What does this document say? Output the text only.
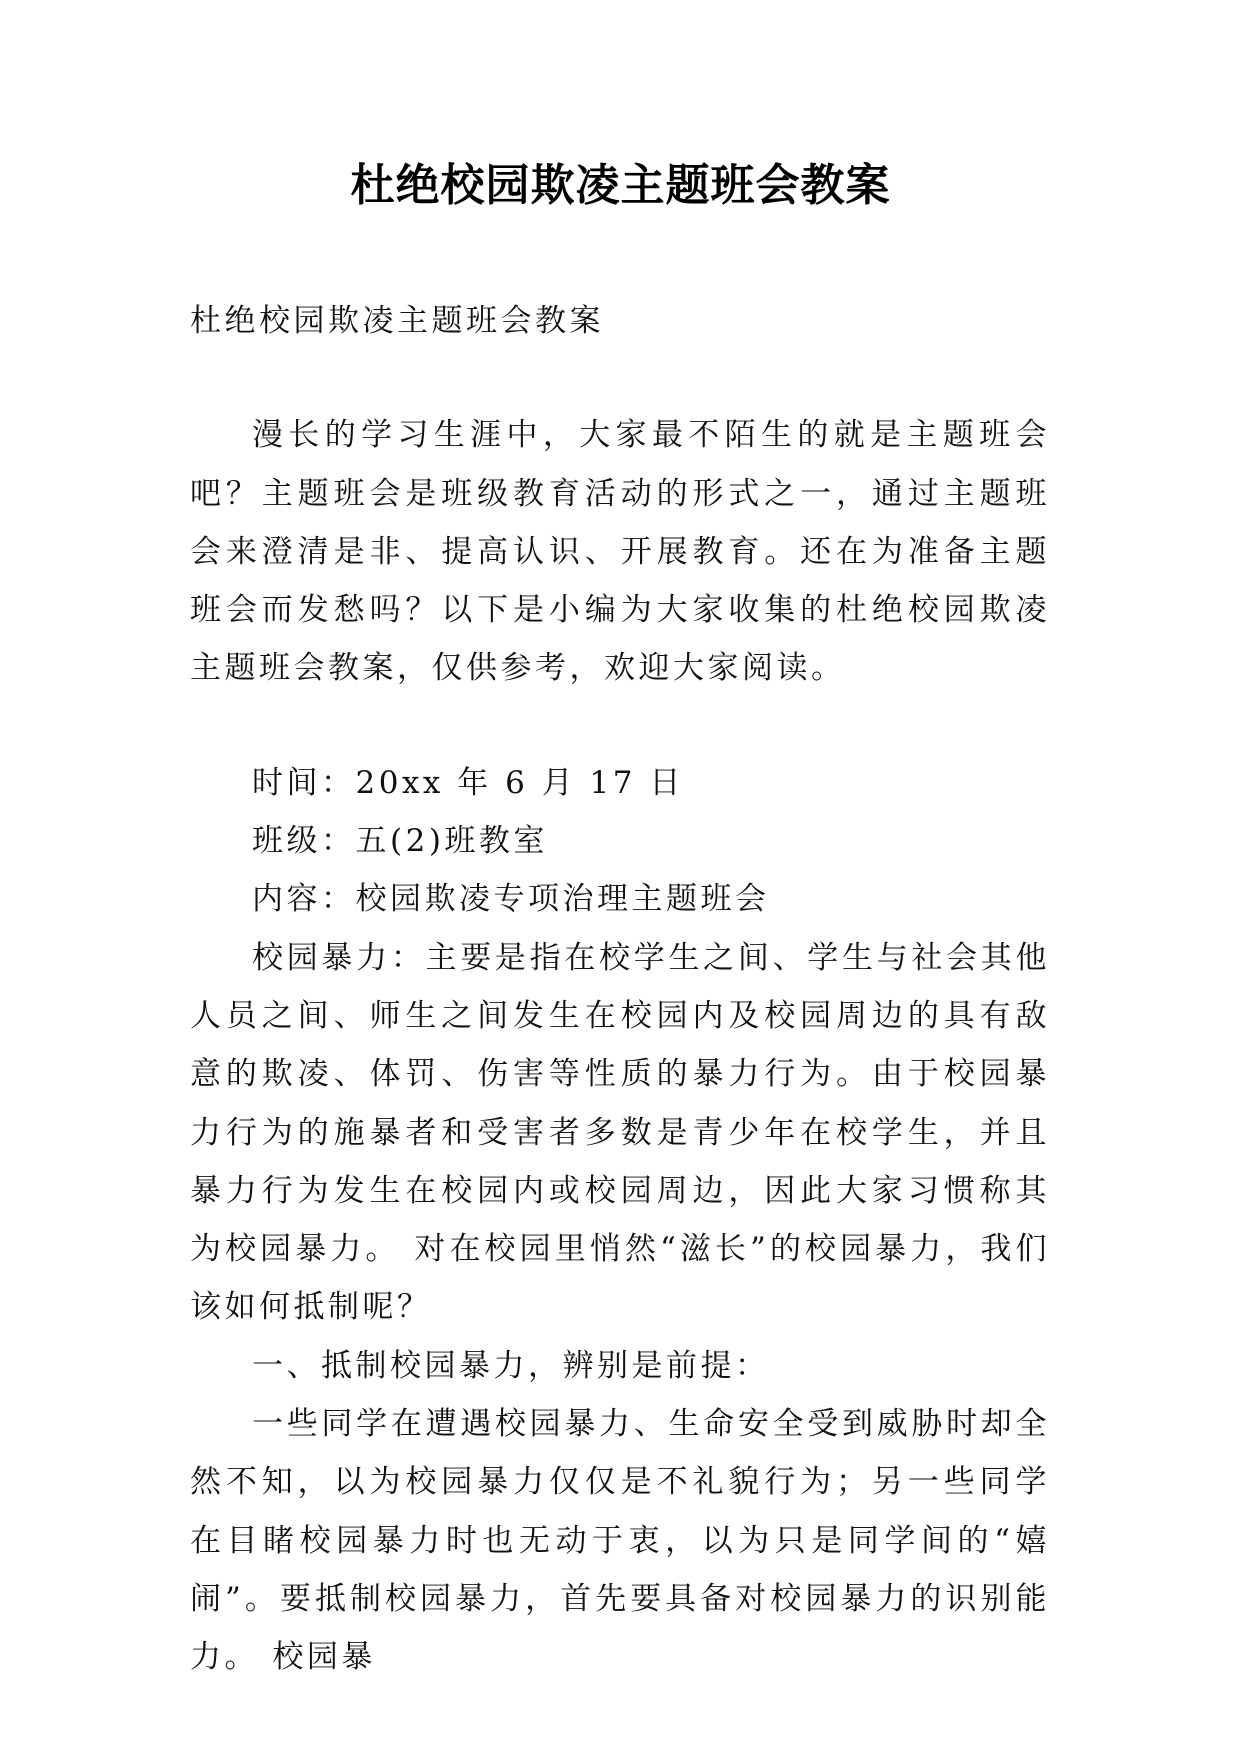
杜绝校园欺凌主题班会教案

杜绝校园欺凌主题班会教案

漫长的学习生涯中，大家最不陌生的就是主题班会吧？主题班会是班级教育活动的形式之一，通过主题班会来澄清是非、提高认识、开展教育。还在为准备主题班会而发愁吗？以下是小编为大家收集的杜绝校园欺凌主题班会教案，仅供参考，欢迎大家阅读。

时间：20xx 年 6 月 17 日

班级：五(2)班教室

内容：校园欺凌专项治理主题班会

校园暴力：主要是指在校学生之间、学生与社会其他人员之间、师生之间发生在校园内及校园周边的具有敌意的欺凌、体罚、伤害等性质的暴力行为。由于校园暴力行为的施暴者和受害者多数是青少年在校学生，并且暴力行为发生在校园内或校园周边，因此大家习惯称其为校园暴力。 对在校园里悄然“滋长”的校园暴力，我们该如何抵制呢？

一、抵制校园暴力，辨别是前提：

一些同学在遭遇校园暴力、生命安全受到威胁时却全然不知，以为校园暴力仅仅是不礼貌行为；另一些同学在目睹校园暴力时也无动于衷，以为只是同学间的“嬉闹”。要抵制校园暴力，首先要具备对校园暴力的识别能力。 校园暴
